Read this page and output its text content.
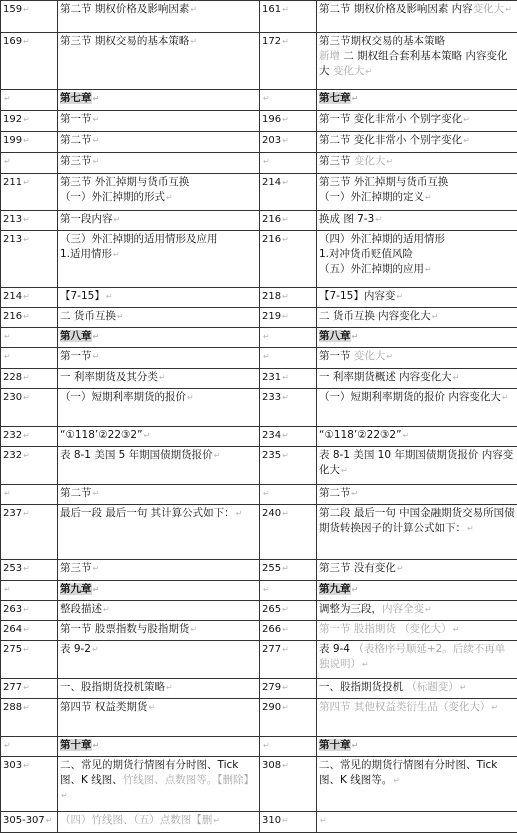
159↵	第二节 期权价格及影响因素↵	161↵	第二节 期权价格及影响因素 内容变化大↵
169↵	第三节 期权交易的基本策略↵	172↵	第三节期权交易的基本策略
新增 二 期权组合套利基本策略 内容变化大 变化大↵
↵	第七章↵	↵	第七章↵
192↵	第一节↵	196↵	第一节 变化非常小 个别字变化↵
199↵	第二节↵	203↵	第二节 变化非常小 个别字变化↵
↵	第三节↵	↵	第三节 变化大↵
211↵	第三节 外汇掉期与货币互换
（一）外汇掉期的形式↵	214↵	第三节 外汇掉期与货币互换
（一）外汇掉期的定义↵
213↵	第一段内容↵	216↵	换成 图 7-3↵
213↵	（三）外汇掉期的适用情形及应用
1.适用情形↵	216↵	（四）外汇掉期的适用情形
1.对冲货币贬值风险
（五）外汇掉期的应用↵
214↵	【7-15】↵	218↵	【7-15】内容变↵
216↵	二 货币互换↵	219↵	二 货币互换 内容变化大↵
↵	第八章↵	↵	第八章↵
↵	第一节↵	↵	第一节 变化大↵
228↵	一 利率期货及其分类↵	231↵	一 利率期货概述 内容变化大↵
230↵	（一）短期利率期货的报价↵	233↵	（一）短期利率期货的报价 内容变化大↵
232↵	“①118’②22③2”↵	234↵	“①118’②22③2”↵
232↵	表 8-1 美国 5 年期国债期货报价↵	235↵	表 8-1 美国 10 年期国债期货报价 内容变化大↵
↵	第二节↵	↵	第二节↵
237↵	最后一段 最后一句 其计算公式如下：↵	240↵	第二段 最后一句 中国金融期货交易所国债期货转换因子的计算公式如下：↵
253↵	第三节↵	255↵	第三节 没有变化↵
↵	第九章↵	↵	第九章↵
263↵	整段描述↵	265↵	调整为三段，内容全变↵
264↵	第一节 股票指数与股指期货↵	266↵	第一节 股指期货 （变化大）↵
275↵	表 9-2↵	277↵	表 9-4 （表格序号顺延+2。后续不再单独说明）↵
277↵	一、股指期货投机策略↵	279↵	一、股指期货投机 （标题变）↵
288↵	第四节 权益类期货↵	290↵	第四节 其他权益类衍生品（变化大）↵
↵	第十章↵	↵	第十章↵
303↵	二、常见的期货行情图有分时图、Tick 图、K 线图、竹线图、点数图等。【删除】↵	308↵	二、常见的期货行情图有分时图、Tick 图、K 线图等。↵
305-307↵	（四）竹线图、（五）点数图【删↵	310↵	↵
